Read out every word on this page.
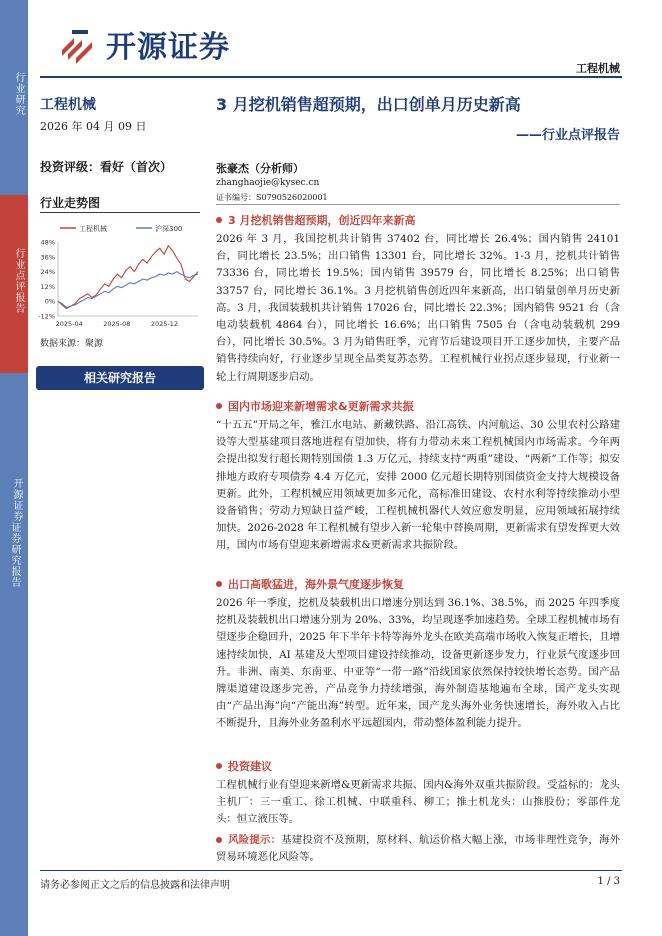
行业研究
行业点评报告
开源证券
证券研究报告
开源证券
工程机械
工程机械
2026 年 04 月 09 日
投资评级：看好（首次）
行业走势图
工程机械	沪深300
48%
36%
24%
12%
0%
-12%
2025-04	2025-08	2025-12
数据来源：聚源
相关研究报告
3 月挖机销售超预期，出口创单月历史新高
——行业点评报告
张豪杰（分析师）
zhanghaojie@kysec.cn
证书编号：S0790526020001
3 月挖机销售超预期，创近四年来新高
2026 年 3 月，我国挖机共计销售 37402 台，同比增长 26.4%；国内销售 24101 台，同比增长 23.5%；出口销售 13301 台，同比增长 32%。1-3 月，挖机共计销售 73336 台，同比增长 19.5%；国内销售 39579 台，同比增长 8.25%；出口销售 33757 台，同比增长 36.1%。3 月挖机销售创近四年来新高，出口销量创单月历史新高。3 月，我国装载机共计销售 17026 台，同比增长 22.3%；国内销售 9521 台（含电动装载机 4864 台），同比增长 16.6%；出口销售 7505 台（含电动装载机 299 台），同比增长 30.5%。3 月为销售旺季，元宵节后建设项目开工逐步加快，主要产品销售持续向好，行业逐步呈现全品类复苏态势。工程机械行业拐点逐步显现，行业新一轮上行周期逐步启动。
国内市场迎来新增需求&更新需求共振
“十五五”开局之年，雅江水电站、新藏铁路、沿江高铁、内河航运、30 公里农村公路建设等大型基建项目落地进程有望加快，将有力带动未来工程机械国内市场需求。今年两会提出拟发行超长期特别国债 1.3 万亿元，持续支持“两重”建设、“两新”工作等；拟安排地方政府专项债券 4.4 万亿元，安排 2000 亿元超长期特别国债资金支持大规模设备更新。此外，工程机械应用领域更加多元化，高标准田建设、农村水利等持续推动小型设备销售；劳动力短缺日益严峻，工程机械机器代人效应愈发明显，应用领域拓展持续加快。2026-2028 年工程机械有望步入新一轮集中替换周期，更新需求有望发挥更大效用，国内市场有望迎来新增需求&更新需求共振阶段。
出口高歌猛进，海外景气度逐步恢复
2026 年一季度，挖机及装载机出口增速分别达到 36.1%、38.5%，而 2025 年四季度挖机及装载机出口增速分别为 20%、33%，均呈现逐季加速趋势。全球工程机械市场有望逐步企稳回升，2025 年下半年卡特等海外龙头在欧美高端市场收入恢复正增长，且增速持续加快，AI 基建及大型项目建设持续推动，设备更新逐步发力，行业景气度逐步回升。非洲、南美、东南亚、中亚等“一带一路”沿线国家依然保持较快增长态势。国产品牌渠道建设逐步完善，产品竞争力持续增强，海外制造基地遍布全球，国产龙头实现由“产品出海”向“产能出海”转型。近年来，国产龙头海外业务快速增长，海外收入占比不断提升，且海外业务盈利水平远超国内，带动整体盈利能力提升。
投资建议
工程机械行业有望迎来新增&更新需求共振、国内&海外双重共振阶段。受益标的：龙头主机厂：三一重工、徐工机械、中联重科、柳工；推土机龙头：山推股份；零部件龙头：恒立液压等。
风险提示：基建投资不及预期，原材料、航运价格大幅上涨，市场非理性竞争，海外贸易环境恶化风险等。
请务必参阅正文之后的信息披露和法律声明	1 / 3
